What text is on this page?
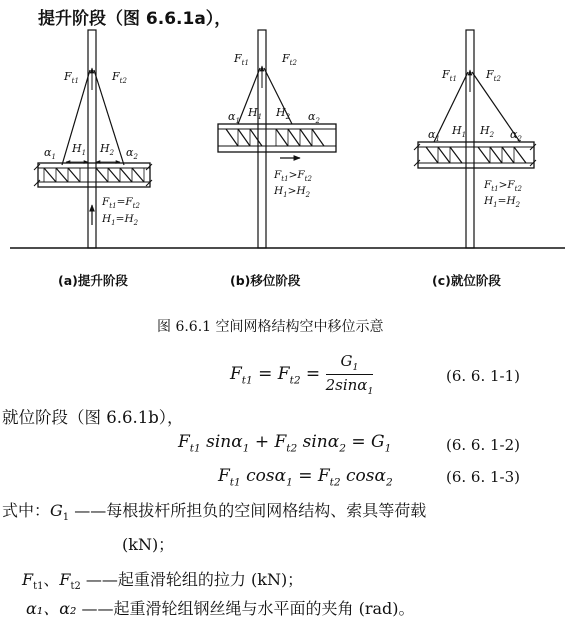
提升阶段（图 6.6.1a），
$F_{t1}$	$F_{t2}$
$\alpha_1$
$H_1$ $H_2$ $\alpha_2$
$F_{t1}=F_{t2}$
$H_1=H_2$
$F_{t1}$	$F_{t2}$
$\alpha_1$
$H_1$ $H_2$ $\alpha_2$
$F_{t1}>F_{t2}$
$H_1>H_2$
$F_{t1}$	$F_{t2}$
$\alpha_1$
$H_1$ $H_2$ $\alpha_2$
$F_{t1}>F_{t2}$
$H_1=H_2$
(a)提升阶段	(b)移位阶段	(c)就位阶段
图 6.6.1 空间网格结构空中移位示意
$F_{t1} = F_{t2} = \frac{G_1}{2\sin\alpha_1}$	(6. 6. 1-1)
就位阶段（图 6.6.1b），
$F_{t1}$ $\sin\alpha_1 + F_{t2}$ $\sin\alpha_2 = G_1$	(6. 6. 1-2)
$F_{t1}$ $\cos\alpha_1 = F_{t2}$ cosα$_2$	(6. 6. 1-3)
式中：$G_1$ ——每根拔杆所担负的空间网格结构、索具等荷载
(kN)；
$F_{t1}$、$F_{t2}$ ——起重滑轮组的拉力 (kN)；
α₁、α₂ ——起重滑轮组钢丝绳与水平面的夹角 (rad)。
